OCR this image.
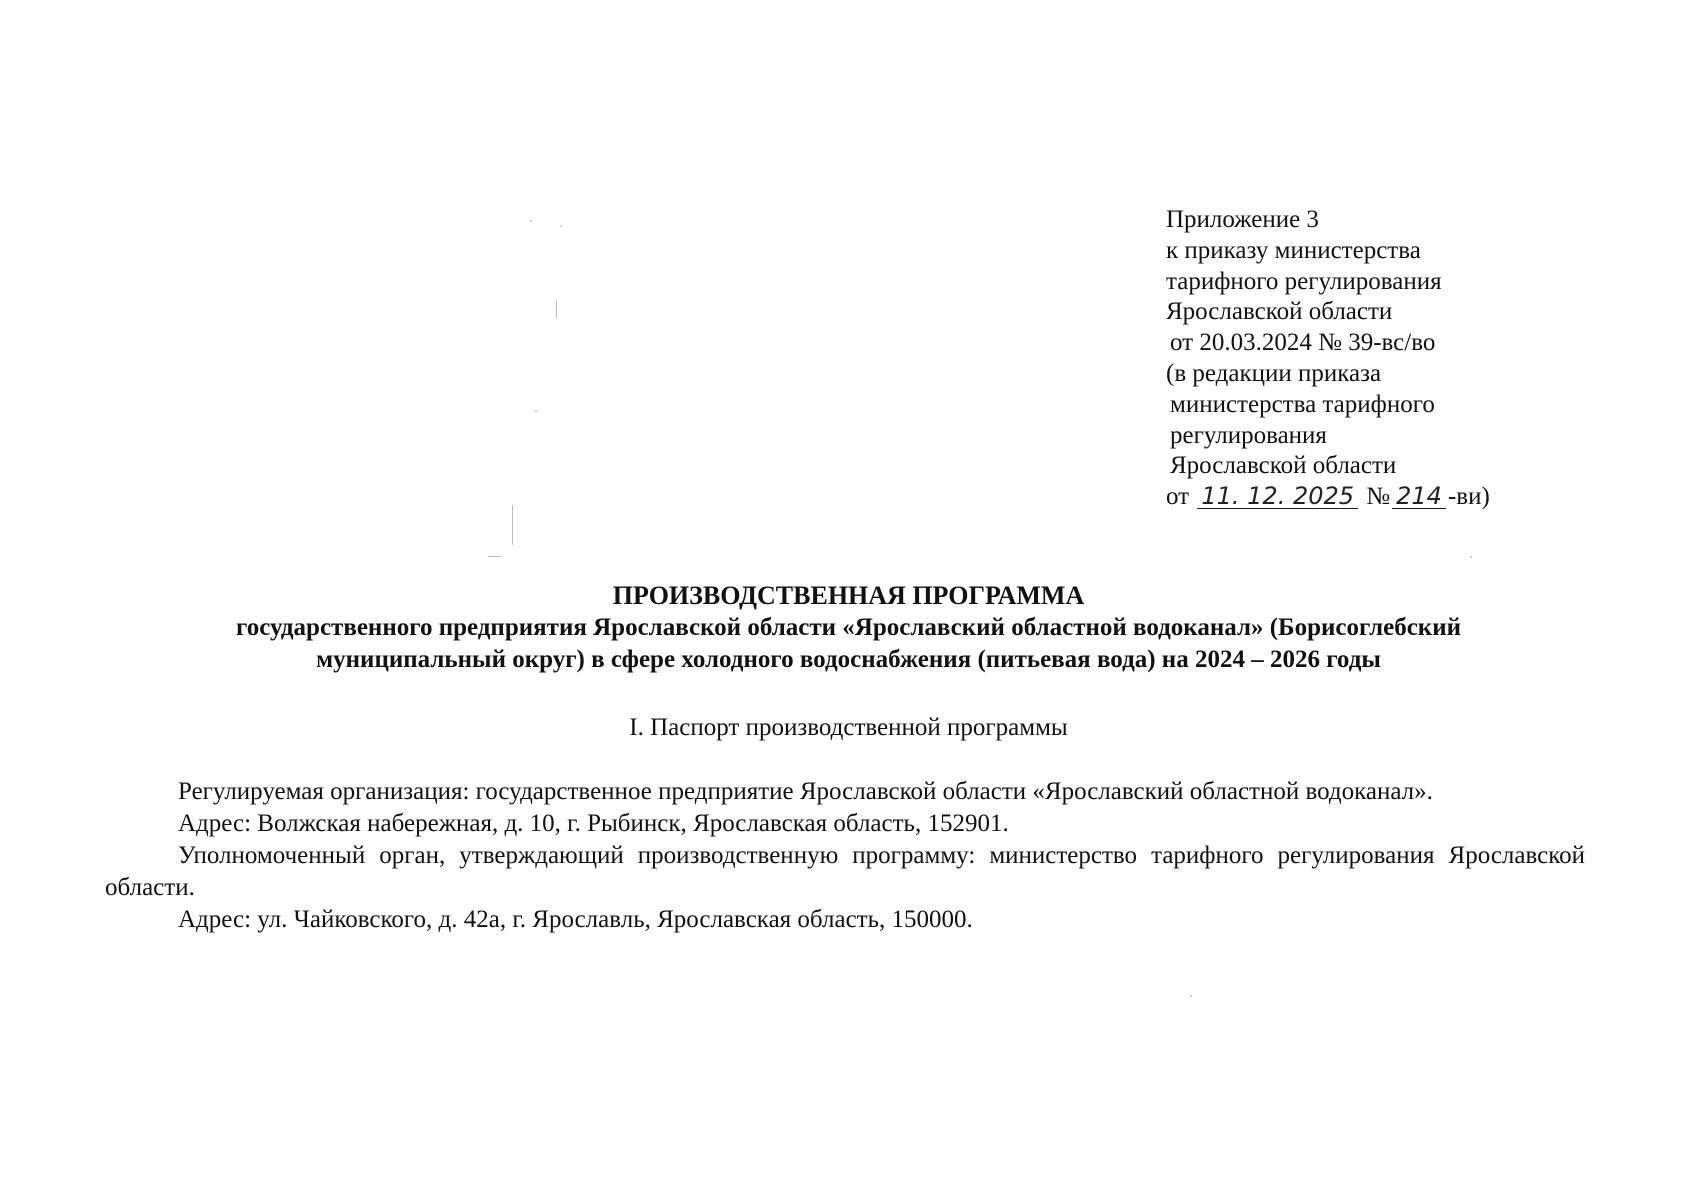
Приложение 3
к приказу министерства
тарифного регулирования
Ярославской области
от 20.03.2024 № 39-вс/во
(в редакции приказа
министерства тарифного
регулирования
Ярославской области
от 11. 12. 2025 № 214 -ви)
ПРОИЗВОДСТВЕННАЯ ПРОГРАММА
государственного предприятия Ярославской области «Ярославский областной водоканал» (Борисоглебский
муниципальный округ) в сфере холодного водоснабжения (питьевая вода) на 2024 – 2026 годы
I. Паспорт производственной программы

Регулируемая организация: государственное предприятие Ярославской области «Ярославский областной водоканал».

Адрес: Волжская набережная, д. 10, г. Рыбинск, Ярославская область, 152901.

Уполномоченный орган, утверждающий производственную программу: министерство тарифного регулирования Ярославской области.

Адрес: ул. Чайковского, д. 42а, г. Ярославль, Ярославская область, 150000.
